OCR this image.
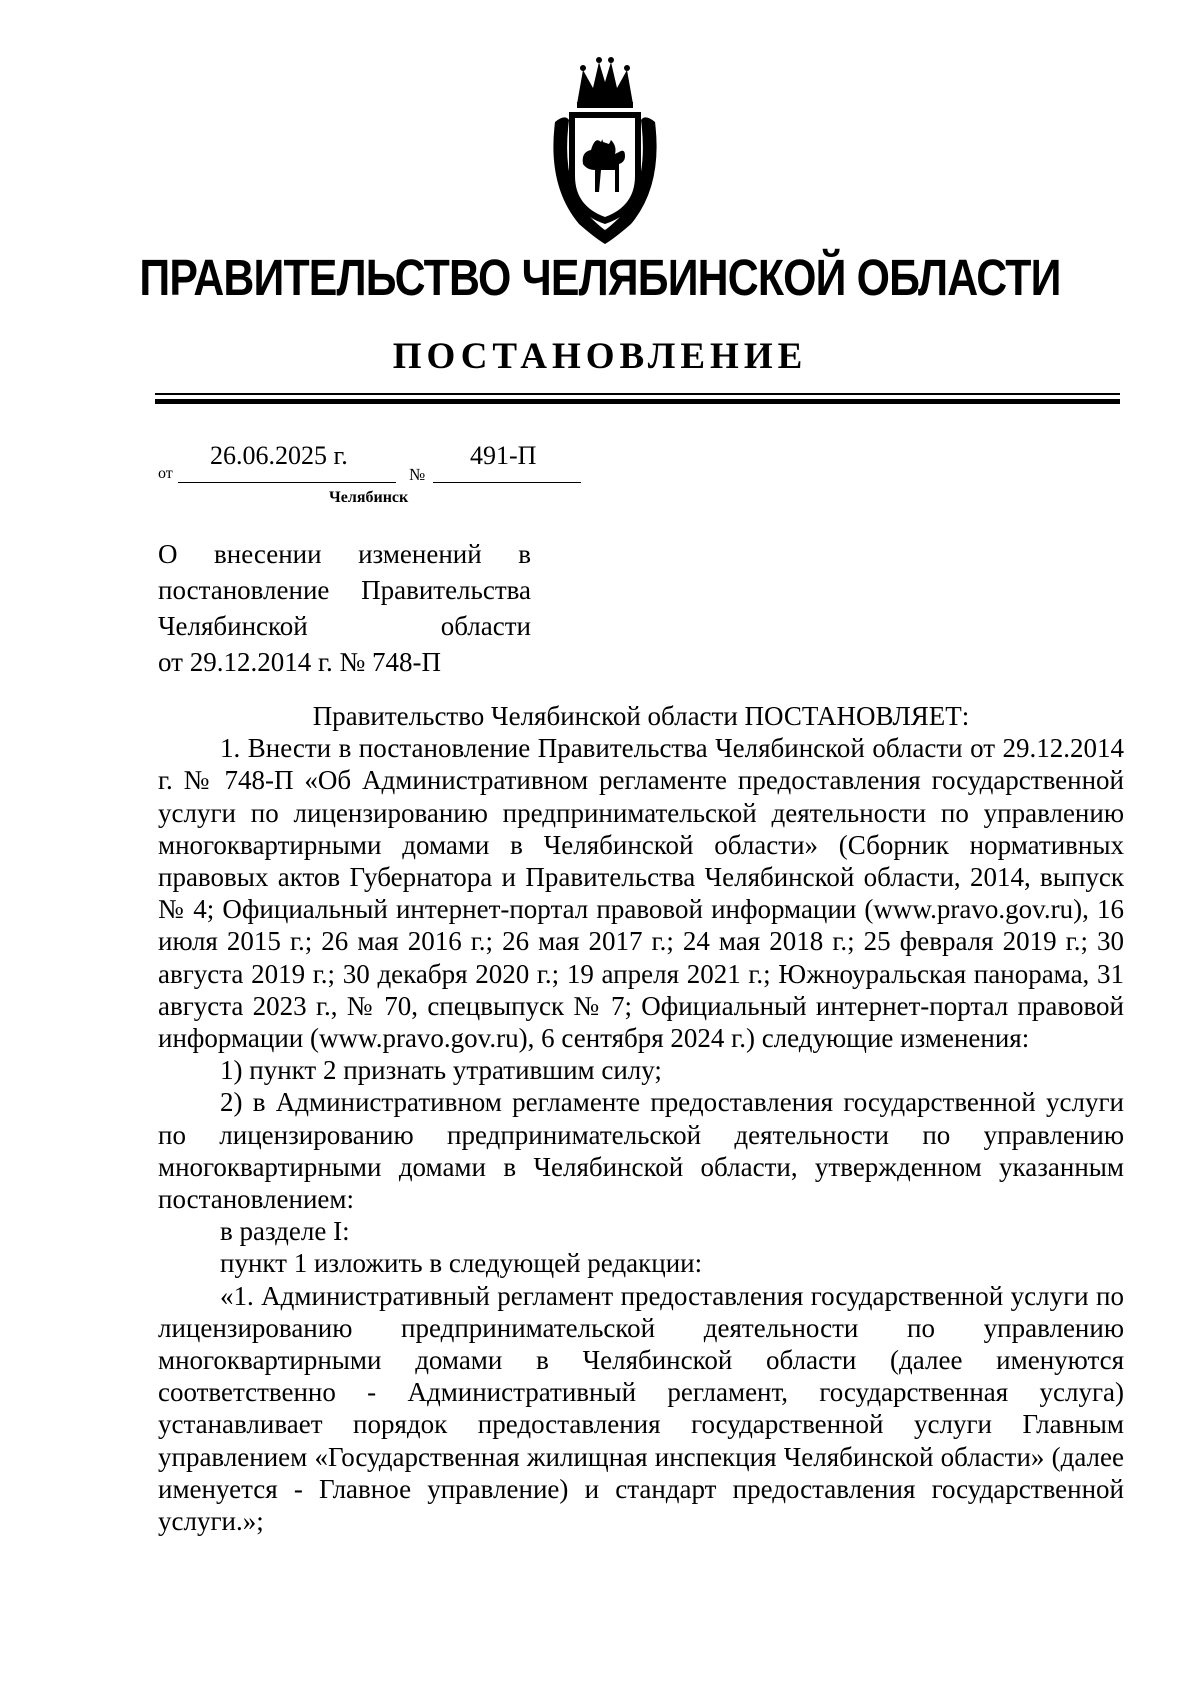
ПРАВИТЕЛЬСТВО ЧЕЛЯБИНСКОЙ ОБЛАСТИ
ПОСТАНОВЛЕНИЕ
от
26.06.2025 г.
№
491-П
Челябинск
О внесении изменений в
постановление Правительства
Челябинской области
от 29.12.2014 г. № 748-П

Правительство Челябинской области ПОСТАНОВЛЯЕТ:

1. Внести в постановление Правительства Челябинской области от 29.12.2014 г. № 748-П «Об Административном регламенте предоставления государственной услуги по лицензированию предпринимательской деятельности по управлению многоквартирными домами в Челябинской области» (Сборник нормативных правовых актов Губернатора и Правительства Челябинской области, 2014, выпуск № 4; Официальный интернет-портал правовой информации (www.pravo.gov.ru), 16 июля 2015 г.; 26 мая 2016 г.; 26 мая 2017 г.; 24 мая 2018 г.; 25 февраля 2019 г.; 30 августа 2019 г.; 30 декабря 2020 г.; 19 апреля 2021 г.; Южноуральская панорама, 31 августа 2023 г., № 70, спецвыпуск № 7; Официальный интернет-портал правовой информации (www.pravo.gov.ru), 6 сентября 2024 г.) следующие изменения:

1) пункт 2 признать утратившим силу;

2) в Административном регламенте предоставления государственной услуги по лицензированию предпринимательской деятельности по управлению многоквартирными домами в Челябинской области, утвержденном указанным постановлением:

в разделе I:

пункт 1 изложить в следующей редакции:

«1. Административный регламент предоставления государственной услуги по лицензированию предпринимательской деятельности по управлению многоквартирными домами в Челябинской области (далее именуются соответственно - Административный регламент, государственная услуга) устанавливает порядок предоставления государственной услуги Главным управлением «Государственная жилищная инспекция Челябинской области» (далее именуется - Главное управление) и стандарт предоставления государственной услуги.»;
